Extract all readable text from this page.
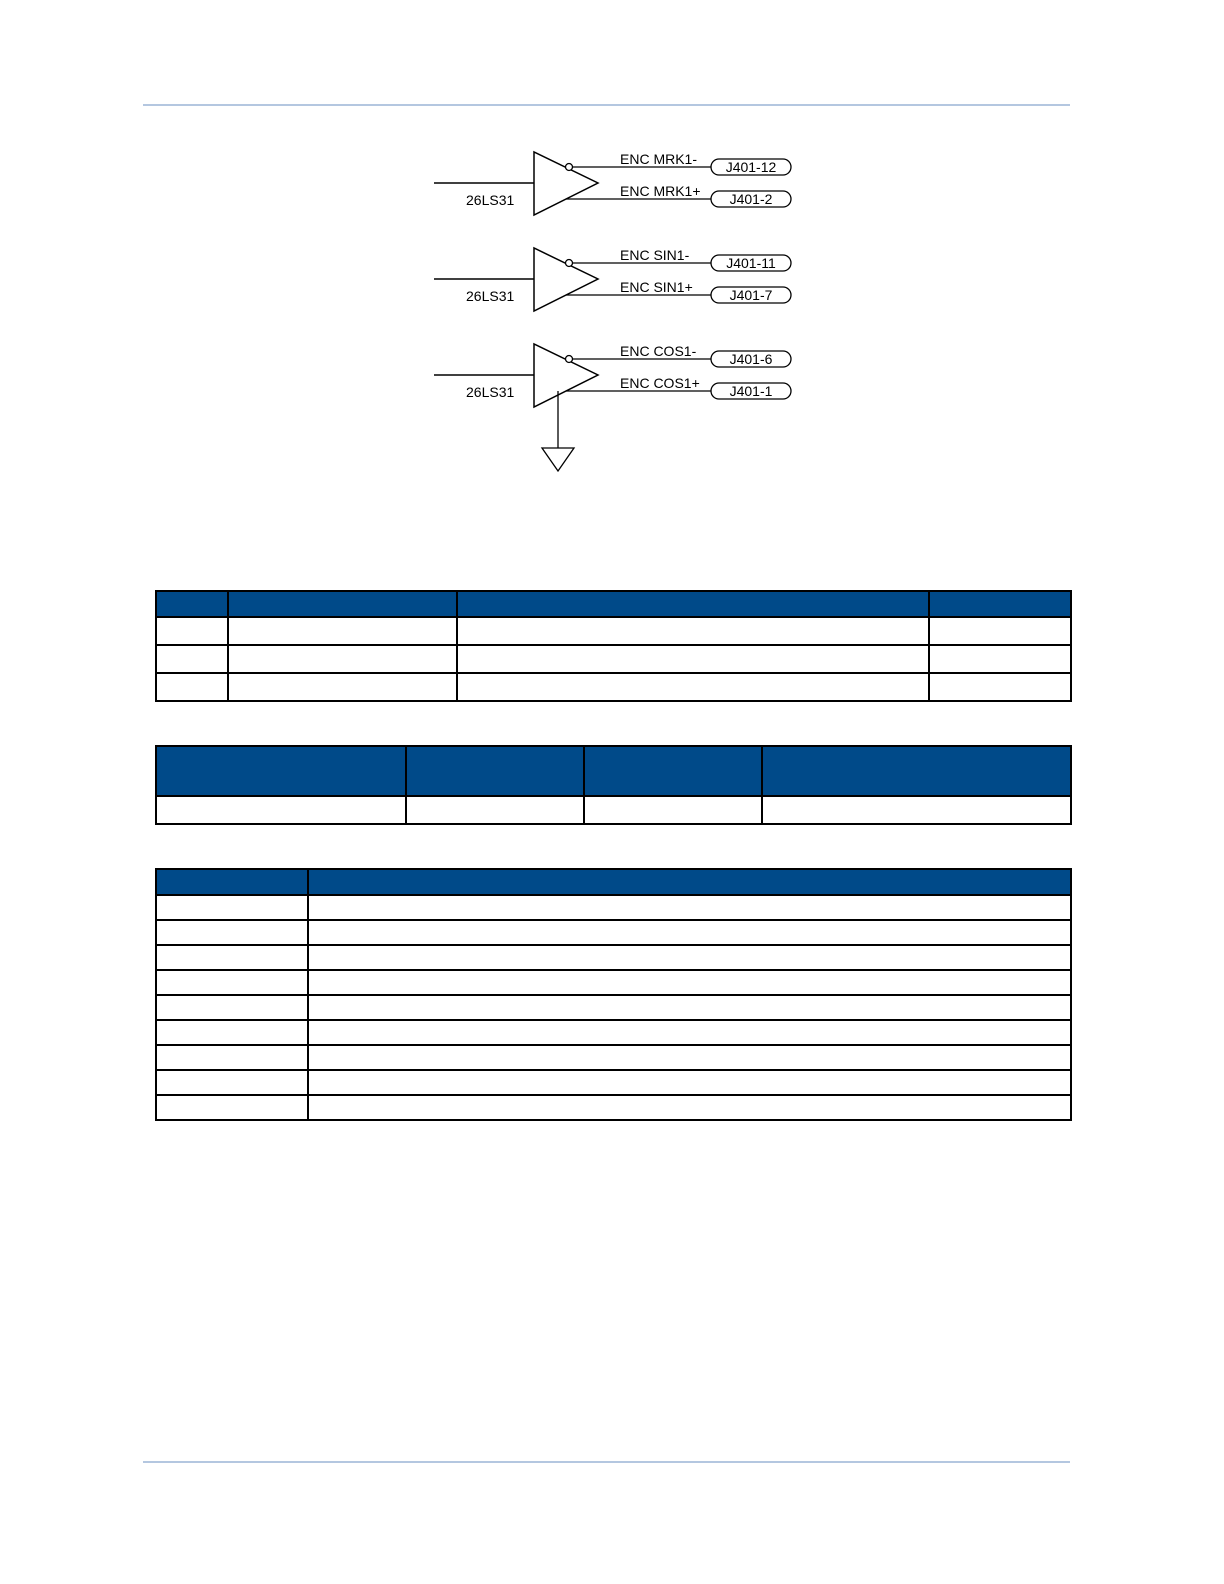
26LS31
ENC MRK1-
ENC MRK1+
J401-12
J401-2
26LS31
ENC SIN1-
ENC SIN1+
J401-11
J401-7
26LS31
ENC COS1-
ENC COS1+
J401-6
J401-1
